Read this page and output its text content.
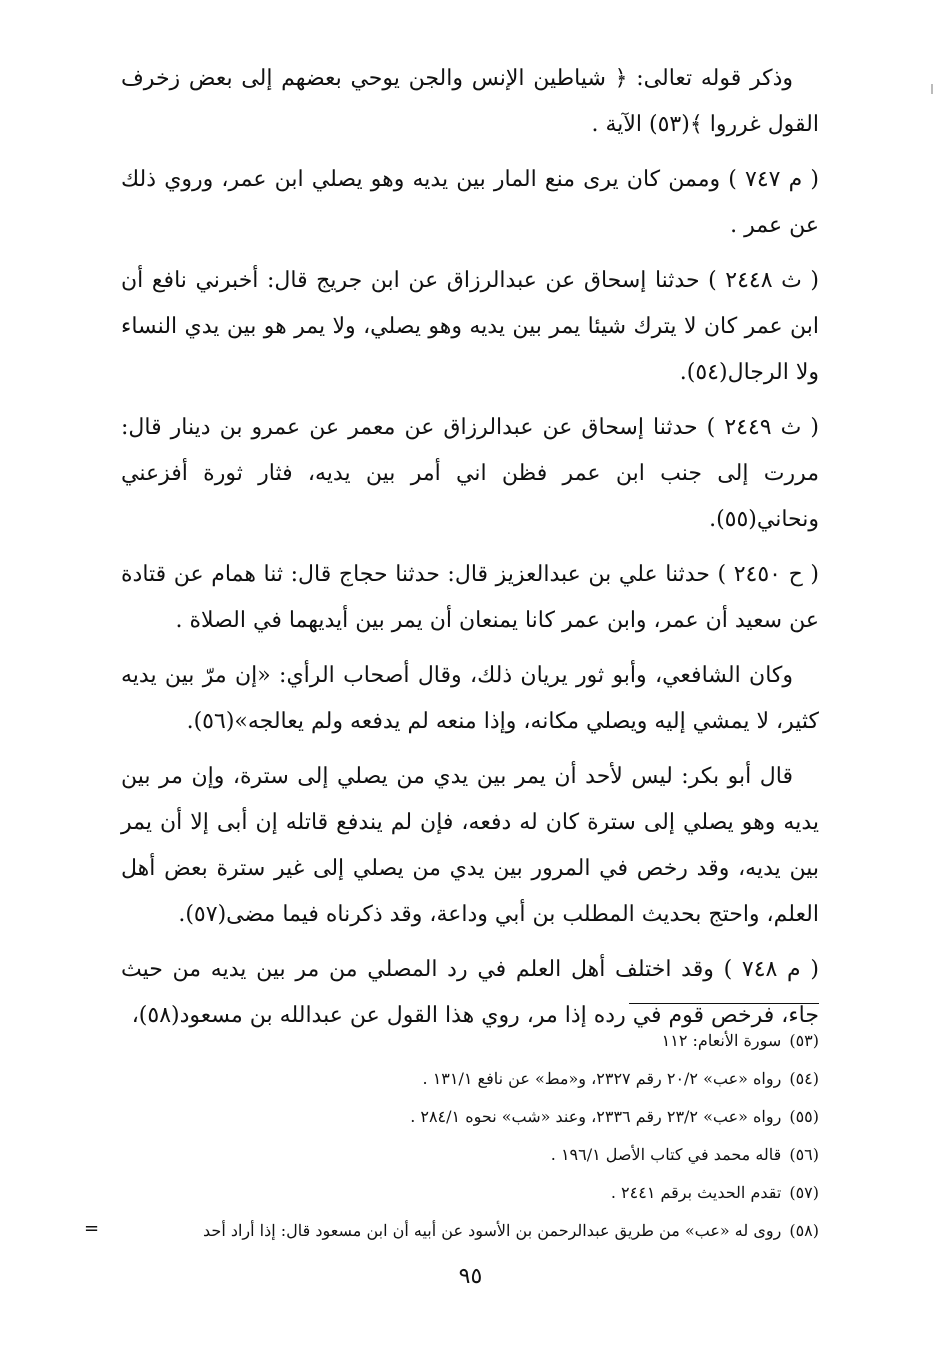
وذكر قوله تعالى: ﴿ شياطين الإنس والجن يوحي بعضهم إلى بعض زخرف القول غرروا ﴾(٥٣) الآية .

( م ٧٤٧ ) وممن كان يرى منع المار بين يديه وهو يصلي ابن عمر، وروي ذلك عن عمر .

( ث ٢٤٤٨ ) حدثنا إسحاق عن عبدالرزاق عن ابن جريج قال: أخبرني نافع أن ابن عمر كان لا يترك شيئا يمر بين يديه وهو يصلي، ولا يمر هو بين يدي النساء ولا الرجال(٥٤).

( ث ٢٤٤٩ ) حدثنا إسحاق عن عبدالرزاق عن معمر عن عمرو بن دينار قال: مررت إلى جنب ابن عمر فظن اني أمر بين يديه، فثار ثورة أفزعني ونحاني(٥٥).

( ح ٢٤٥٠ ) حدثنا علي بن عبدالعزيز قال: حدثنا حجاج قال: ثنا همام عن قتادة عن سعيد أن عمر، وابن عمر كانا يمنعان أن يمر بين أيديهما في الصلاة .

وكان الشافعي، وأبو ثور يريان ذلك، وقال أصحاب الرأي: «إن مرّ بين يديه كثير، لا يمشي إليه ويصلي مكانه، وإذا منعه لم يدفعه ولم يعالجه»(٥٦).

قال أبو بكر: ليس لأحد أن يمر بين يدي من يصلي إلى سترة، وإن مر بين يديه وهو يصلي إلى سترة كان له دفعه، فإن لم يندفع قاتله إن أبى إلا أن يمر بين يديه، وقد رخص في المرور بين يدي من يصلي إلى غير سترة بعض أهل العلم، واحتج بحديث المطلب بن أبي وداعة، وقد ذكرناه فيما مضى(٥٧).

( م ٧٤٨ ) وقد اختلف أهل العلم في رد المصلي من مر بين يديه من حيث جاء، فرخص قوم في رده إذا مر، روي هذا القول عن عبدالله بن مسعود(٥٨)،

(٥٣)سورة الأنعام: ١١٢

(٥٤)رواه «عب» ٢٠/٢ رقم ٢٣٢٧، و«مط» عن نافع ١٣١/١ .

(٥٥)رواه «عب» ٢٣/٢ رقم ٢٣٣٦، وعند «شب» نحوه ٢٨٤/١ .

(٥٦)قاله محمد في كتاب الأصل ١٩٦/١ .

(٥٧)تقدم الحديث برقم ٢٤٤١ .

(٥٨)روى له «عب» من طريق عبدالرحمن بن الأسود عن أبيه أن ابن مسعود قال: إذا أراد أحد

=
٩٥
